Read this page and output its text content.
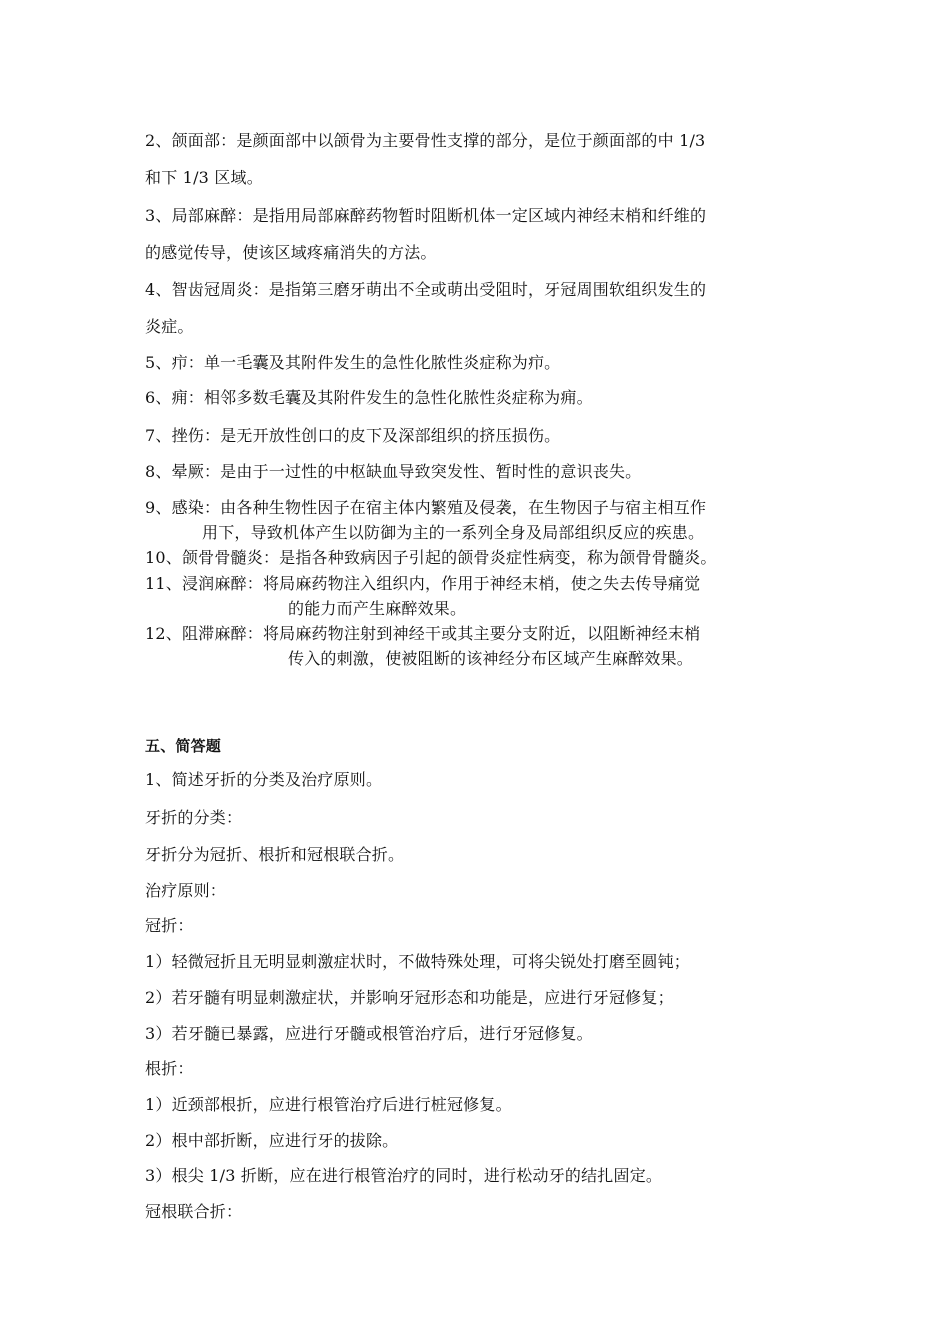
2、颌面部：是颜面部中以颌骨为主要骨性支撑的部分，是位于颜面部的中 1/3
和下 1/3 区域。
3、局部麻醉：是指用局部麻醉药物暂时阻断机体一定区域内神经末梢和纤维的
的感觉传导，使该区域疼痛消失的方法。
4、智齿冠周炎：是指第三磨牙萌出不全或萌出受阻时，牙冠周围软组织发生的
炎症。
5、疖：单一毛囊及其附件发生的急性化脓性炎症称为疖。
6、痈：相邻多数毛囊及其附件发生的急性化脓性炎症称为痈。
7、挫伤：是无开放性创口的皮下及深部组织的挤压损伤。
8、晕厥：是由于一过性的中枢缺血导致突发性、暂时性的意识丧失。
9、感染：由各种生物性因子在宿主体内繁殖及侵袭，在生物因子与宿主相互作
用下，导致机体产生以防御为主的一系列全身及局部组织反应的疾患。
10、颌骨骨髓炎：是指各种致病因子引起的颌骨炎症性病变，称为颌骨骨髓炎。
11、浸润麻醉：将局麻药物注入组织内，作用于神经末梢，使之失去传导痛觉
的能力而产生麻醉效果。
12、阻滞麻醉：将局麻药物注射到神经干或其主要分支附近，以阻断神经末梢
传入的刺激，使被阻断的该神经分布区域产生麻醉效果。
五、简答题
1、简述牙折的分类及治疗原则。
牙折的分类：
牙折分为冠折、根折和冠根联合折。
治疗原则：
冠折：
1）轻微冠折且无明显刺激症状时，不做特殊处理，可将尖锐处打磨至圆钝；
2）若牙髓有明显刺激症状，并影响牙冠形态和功能是，应进行牙冠修复；
3）若牙髓已暴露，应进行牙髓或根管治疗后，进行牙冠修复。
根折：
1）近颈部根折，应进行根管治疗后进行桩冠修复。
2）根中部折断，应进行牙的拔除。
3）根尖 1/3 折断，应在进行根管治疗的同时，进行松动牙的结扎固定。
冠根联合折：
